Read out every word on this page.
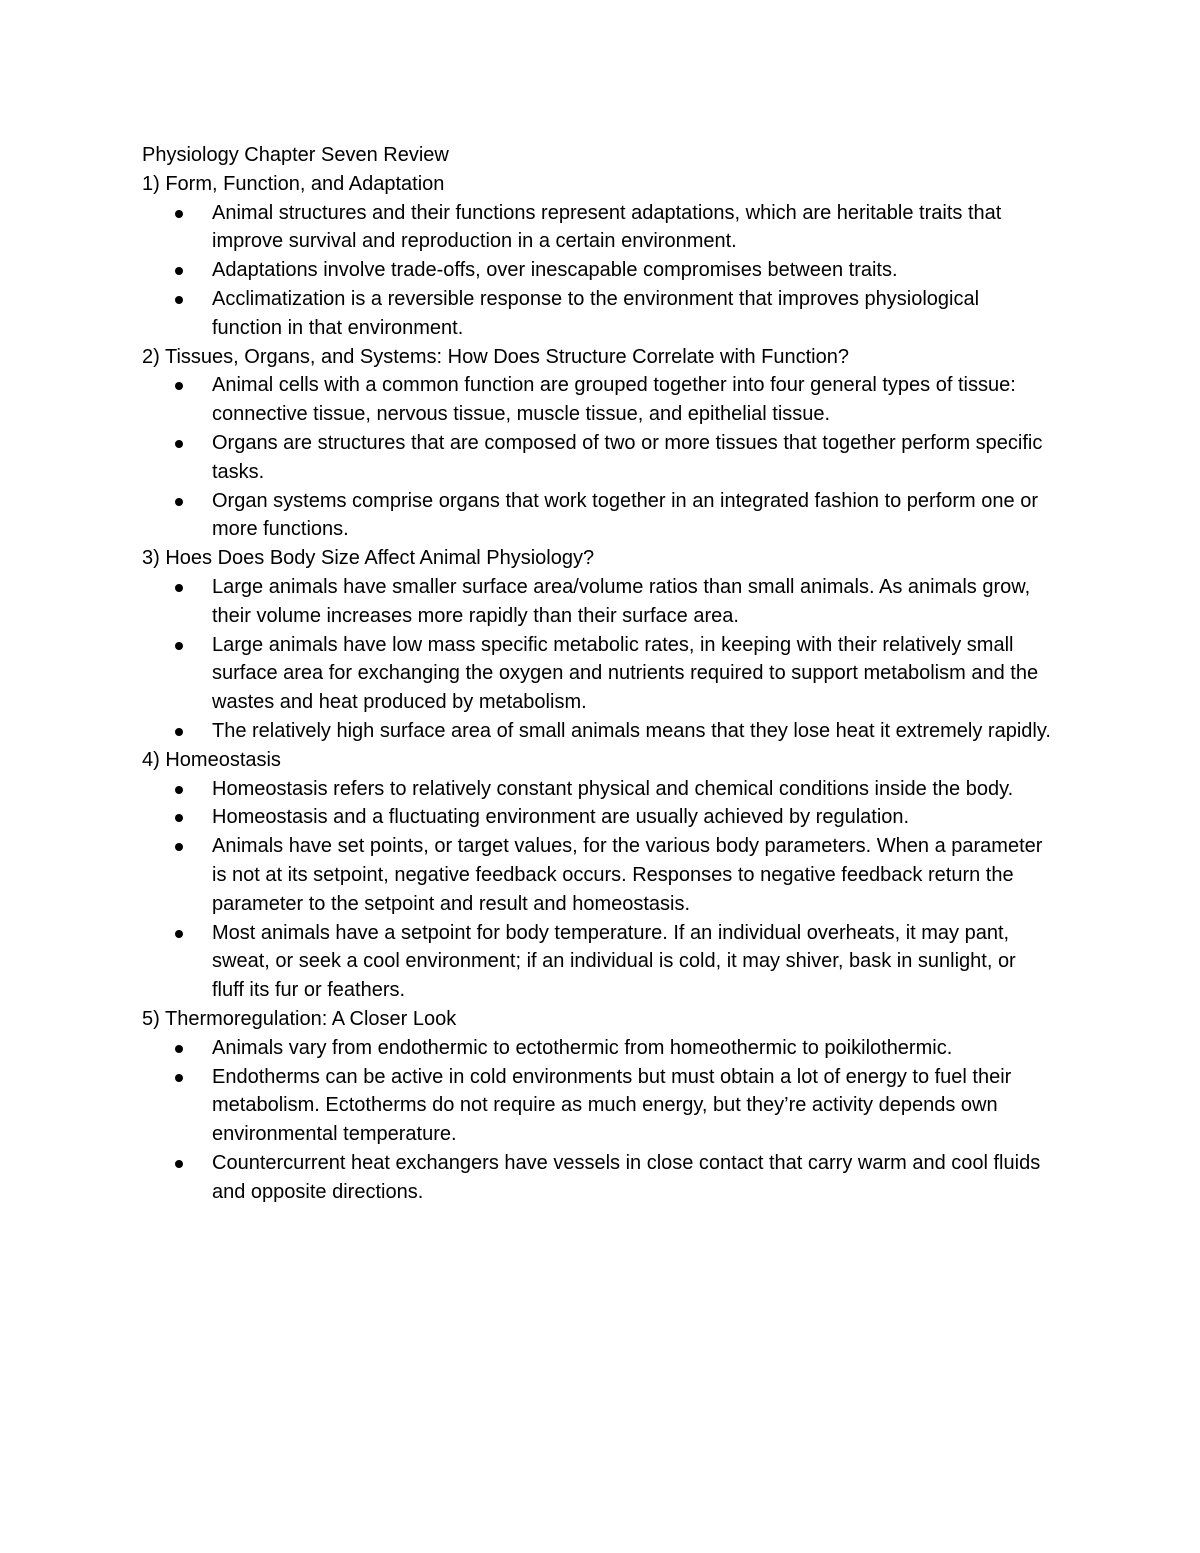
Physiology Chapter Seven Review
1) Form, Function, and Adaptation
Animal structures and their functions represent adaptations, which are heritable traits that improve survival and reproduction in a certain environment.
Adaptations involve trade-offs, over inescapable compromises between traits.
Acclimatization is a reversible response to the environment that improves physiological function in that environment.
2) Tissues, Organs, and Systems: How Does Structure Correlate with Function?
Animal cells with a common function are grouped together into four general types of tissue: connective tissue, nervous tissue, muscle tissue, and epithelial tissue.
Organs are structures that are composed of two or more tissues that together perform specific tasks.
Organ systems comprise organs that work together in an integrated fashion to perform one or more functions.
3) Hoes Does Body Size Affect Animal Physiology?
Large animals have smaller surface area/volume ratios than small animals. As animals grow, their volume increases more rapidly than their surface area.
Large animals have low mass specific metabolic rates, in keeping with their relatively small surface area for exchanging the oxygen and nutrients required to support metabolism and the wastes and heat produced by metabolism.
The relatively high surface area of small animals means that they lose heat it extremely rapidly.
4) Homeostasis
Homeostasis refers to relatively constant physical and chemical conditions inside the body.
Homeostasis and a fluctuating environment are usually achieved by regulation.
Animals have set points, or target values, for the various body parameters. When a parameter is not at its setpoint, negative feedback occurs. Responses to negative feedback return the parameter to the setpoint and result and homeostasis.
Most animals have a setpoint for body temperature. If an individual overheats, it may pant, sweat, or seek a cool environment; if an individual is cold, it may shiver, bask in sunlight, or fluff its fur or feathers.
5) Thermoregulation: A Closer Look
Animals vary from endothermic to ectothermic from homeothermic to poikilothermic.
Endotherms can be active in cold environments but must obtain a lot of energy to fuel their metabolism. Ectotherms do not require as much energy, but they’re activity depends own environmental temperature.
Countercurrent heat exchangers have vessels in close contact that carry warm and cool fluids and opposite directions.
